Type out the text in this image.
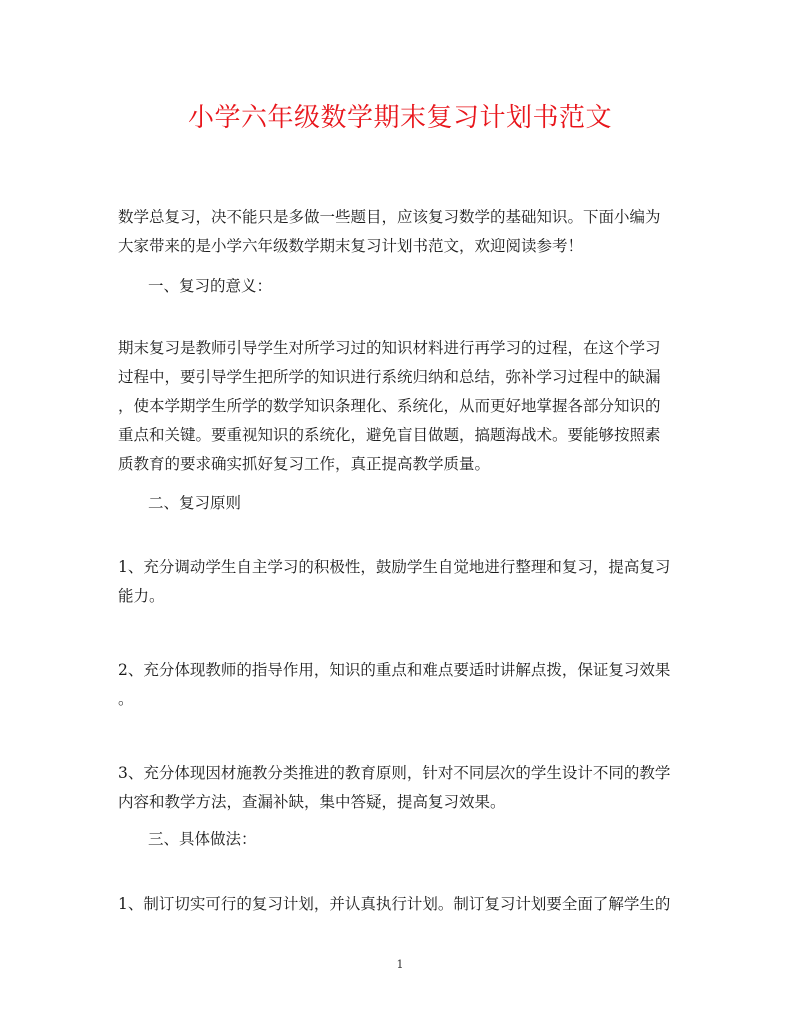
小学六年级数学期末复习计划书范文
数学总复习，决不能只是多做一些题目，应该复习数学的基础知识。下面小编为
大家带来的是小学六年级数学期末复习计划书范文，欢迎阅读参考！
一、复习的意义：
期末复习是教师引导学生对所学习过的知识材料进行再学习的过程，在这个学习
过程中，要引导学生把所学的知识进行系统归纳和总结，弥补学习过程中的缺漏
，使本学期学生所学的数学知识条理化、系统化，从而更好地掌握各部分知识的
重点和关键。要重视知识的系统化，避免盲目做题，搞题海战术。要能够按照素
质教育的要求确实抓好复习工作，真正提高教学质量。
二、复习原则
1、充分调动学生自主学习的积极性，鼓励学生自觉地进行整理和复习，提高复习
能力。
2、充分体现教师的指导作用，知识的重点和难点要适时讲解点拨，保证复习效果
。
3、充分体现因材施教分类推进的教育原则，针对不同层次的学生设计不同的教学
内容和教学方法，查漏补缺，集中答疑，提高复习效果。
三、具体做法：
1、制订切实可行的复习计划，并认真执行计划。制订复习计划要全面了解学生的
1
